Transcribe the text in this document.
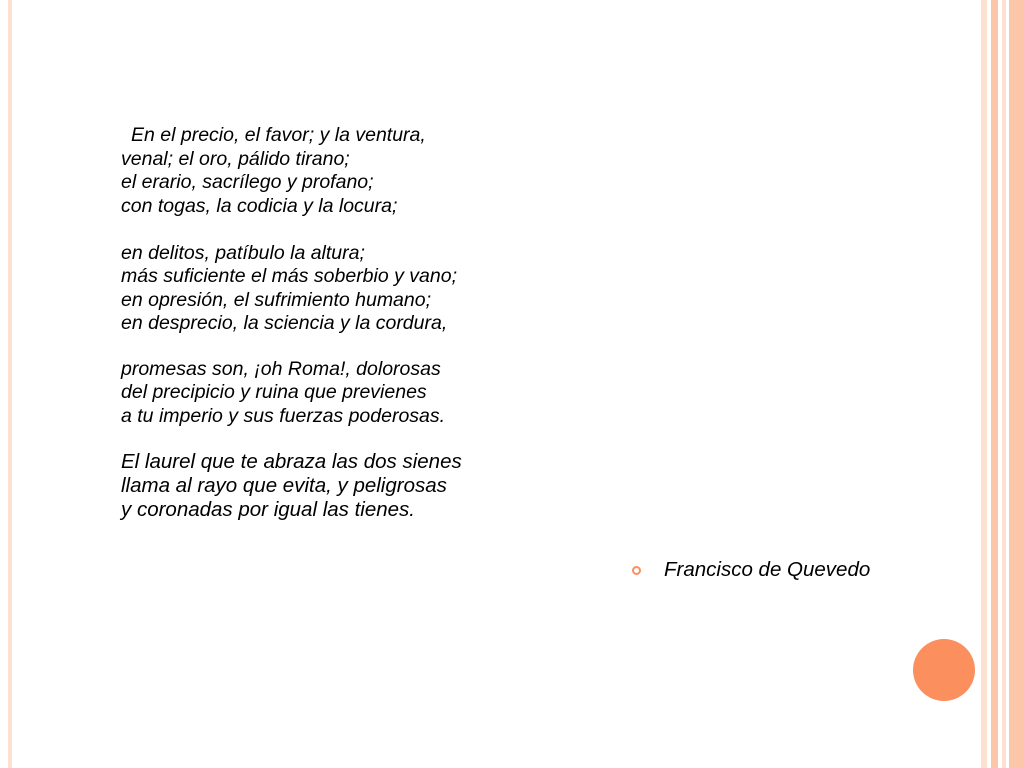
En el precio, el favor; y la ventura,
venal; el oro, pálido tirano;
el erario, sacrílego y profano;
con togas, la codicia y la locura;

en delitos, patíbulo la altura;
más suficiente el más soberbio y vano;
en opresión, el sufrimiento humano;
en desprecio, la sciencia y la cordura,

promesas son, ¡oh Roma!, dolorosas
del precipicio y ruina que previenes
a tu imperio y sus fuerzas poderosas.

El laurel que te abraza las dos sienes
llama al rayo que evita, y peligrosas
y coronadas por igual las tienes.

Francisco de Quevedo
